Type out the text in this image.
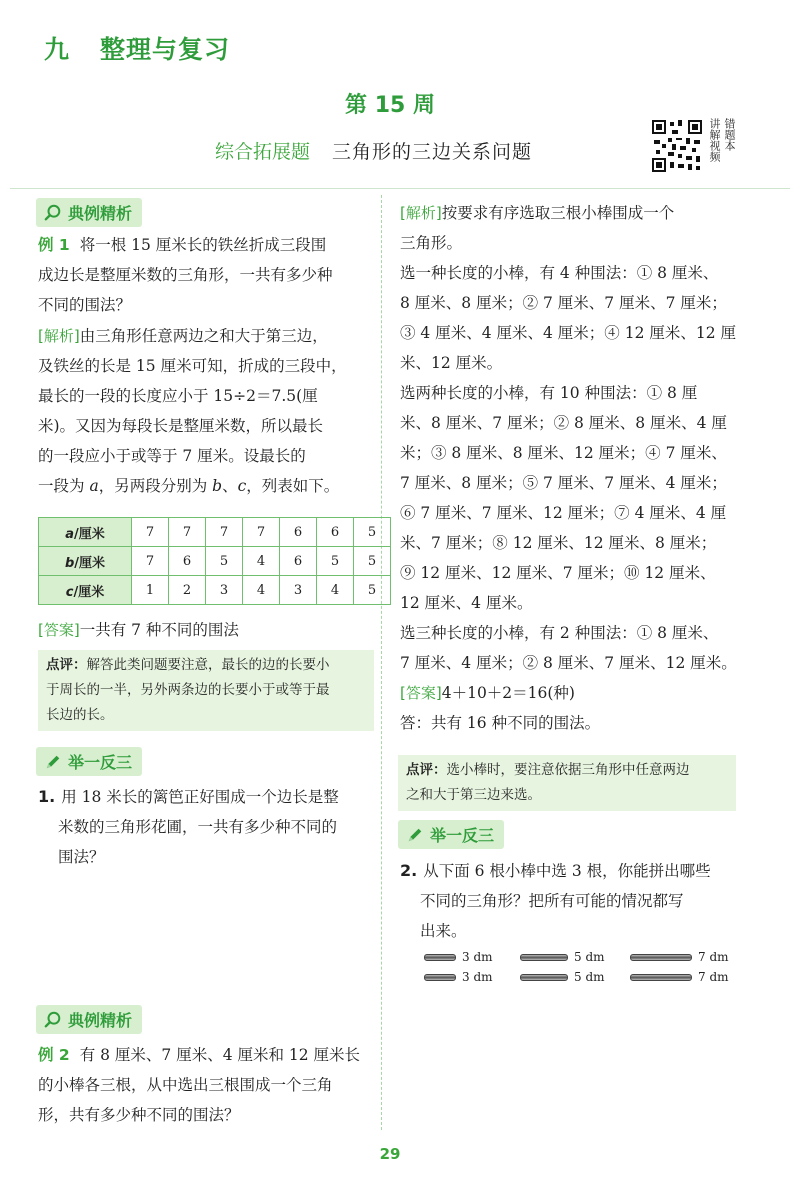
九 整理与复习
第 15 周
综合拓展题 三角形的三边关系问题	讲解视频 错题本
典例精析
例 1 将一根 15 厘米长的铁丝折成三段围
成边长是整厘米数的三角形，一共有多少种
不同的围法？
[解析]由三角形任意两边之和大于第三边，
及铁丝的长是 15 厘米可知，折成的三段中，
最长的一段的长度应小于 15÷2＝7.5(厘
米)。又因为每段长是整厘米数，所以最长
的一段应小于或等于 7 厘米。设最长的
一段为 a，另两段分别为 b、c，列表如下。
a/厘米	7	7	7	7	6	6	5
b/厘米	7	6	5	4	6	5	5
c/厘米	1	2	3	4	3	4	5
[答案]一共有 7 种不同的围法
点评：解答此类问题要注意，最长的边的长要小
于周长的一半，另外两条边的长要小于或等于最
长边的长。
举一反三
1. 用 18 米长的篱笆正好围成一个边长是整
米数的三角形花圃，一共有多少种不同的
围法？
典例精析
例 2 有 8 厘米、7 厘米、4 厘米和 12 厘米长
的小棒各三根，从中选出三根围成一个三角
形，共有多少种不同的围法？
[解析]按要求有序选取三根小棒围成一个
三角形。
选一种长度的小棒，有 4 种围法：① 8 厘米、
8 厘米、8 厘米；② 7 厘米、7 厘米、7 厘米；
③ 4 厘米、4 厘米、4 厘米；④ 12 厘米、12 厘
米、12 厘米。
选两种长度的小棒，有 10 种围法：① 8 厘
米、8 厘米、7 厘米；② 8 厘米、8 厘米、4 厘
米；③ 8 厘米、8 厘米、12 厘米；④ 7 厘米、
7 厘米、8 厘米；⑤ 7 厘米、7 厘米、4 厘米；
⑥ 7 厘米、7 厘米、12 厘米；⑦ 4 厘米、4 厘
米、7 厘米；⑧ 12 厘米、12 厘米、8 厘米；
⑨ 12 厘米、12 厘米、7 厘米；⑩ 12 厘米、
12 厘米、4 厘米。
选三种长度的小棒，有 2 种围法：① 8 厘米、
7 厘米、4 厘米；② 8 厘米、7 厘米、12 厘米。
[答案]4＋10＋2＝16(种)
答：共有 16 种不同的围法。
点评：选小棒时，要注意依据三角形中任意两边
之和大于第三边来选。
举一反三
2. 从下面 6 根小棒中选 3 根，你能拼出哪些
不同的三角形？把所有可能的情况都写
出来。
3 dm	5 dm	7 dm
3 dm	5 dm	7 dm
29
